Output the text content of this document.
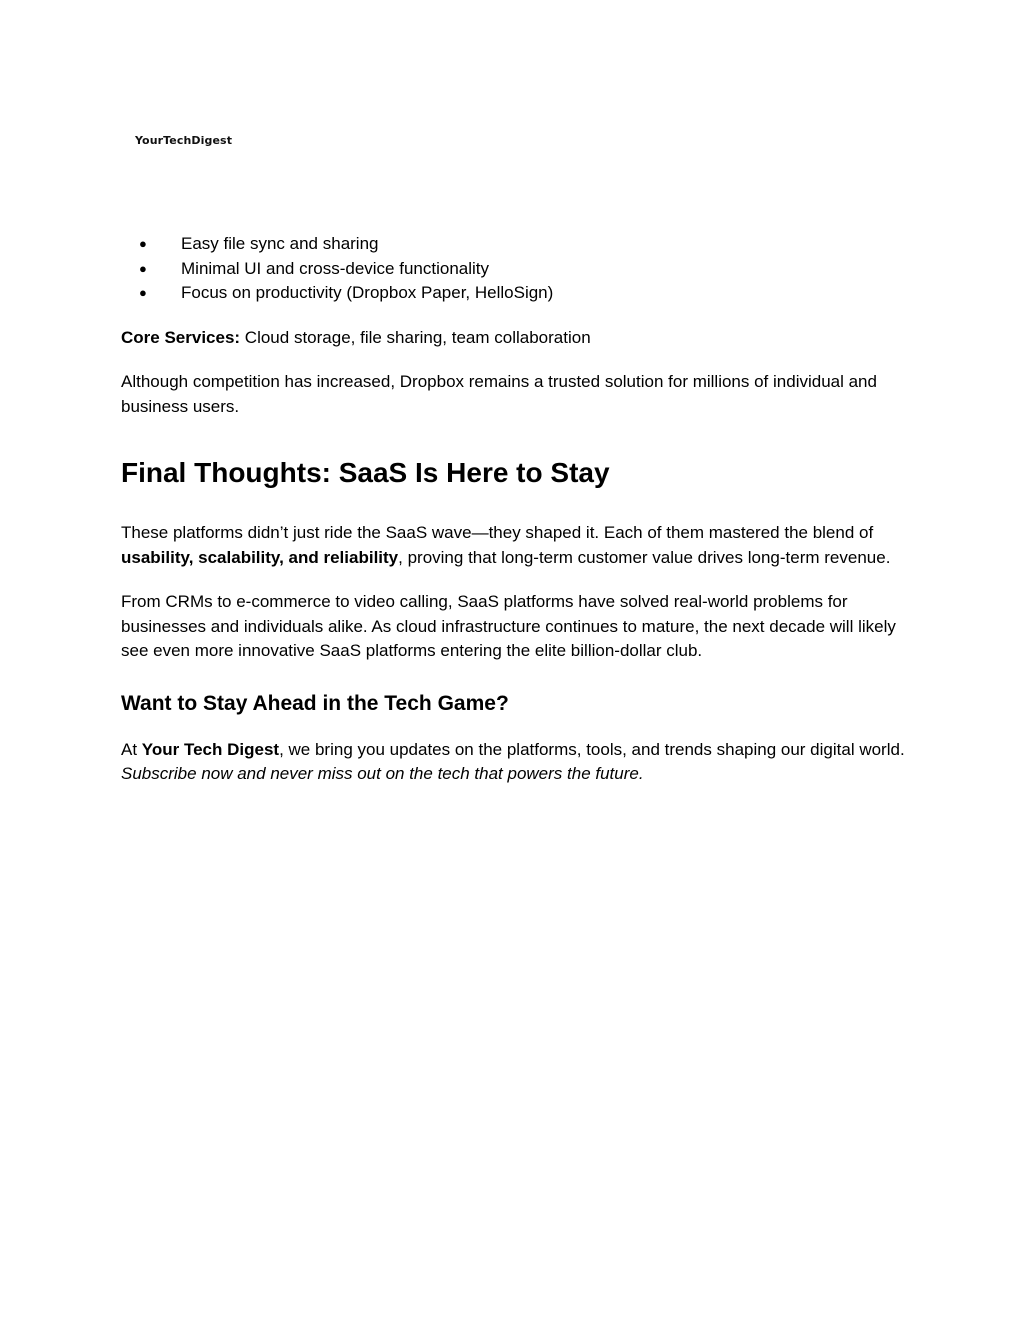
YourTechDigest
● Easy file sync and sharing
● Minimal UI and cross-device functionality
● Focus on productivity (Dropbox Paper, HelloSign)

Core Services: Cloud storage, file sharing, team collaboration

Although competition has increased, Dropbox remains a trusted solution for millions of individual and business users.

Final Thoughts: SaaS Is Here to Stay

These platforms didn’t just ride the SaaS wave—they shaped it. Each of them mastered the blend of usability, scalability, and reliability, proving that long-term customer value drives long-term revenue.

From CRMs to e-commerce to video calling, SaaS platforms have solved real-world problems for businesses and individuals alike. As cloud infrastructure continues to mature, the next decade will likely see even more innovative SaaS platforms entering the elite billion-dollar club.

Want to Stay Ahead in the Tech Game?

At Your Tech Digest, we bring you updates on the platforms, tools, and trends shaping our digital world.
Subscribe now and never miss out on the tech that powers the future.
